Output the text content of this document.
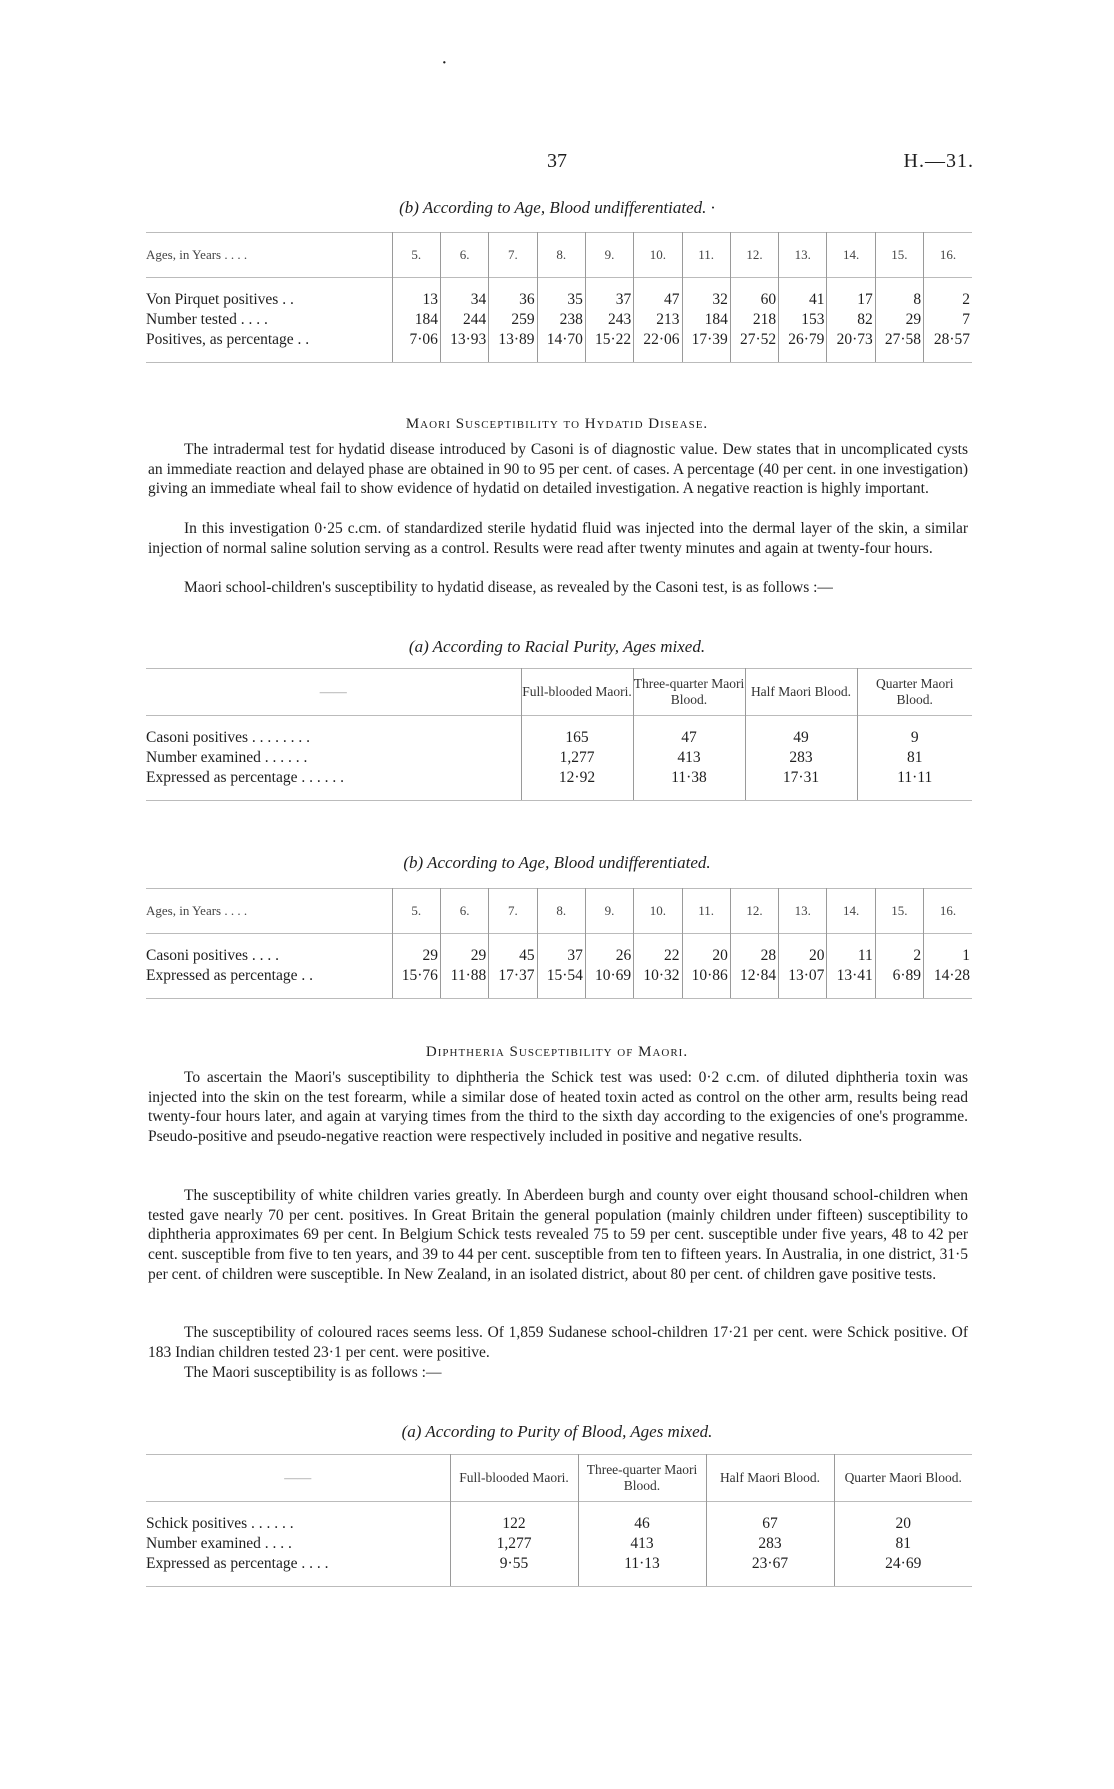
·
37	H.—31.
(b) According to Age, Blood undifferentiated. ·
Ages, in Years . . . .	5.	6.	7.	8.	9.	10.	11.	12.	13.	14.	15.	16.

Von Pirquet positives . .	13	34	36	35	37	47	32	60	41	17	8	2
Number tested . . . .	184	244	259	238	243	213	184	218	153	82	29	7
Positives, as percentage . .	7·06	13·93	13·89	14·70	15·22	22·06	17·39	27·52	26·79	20·73	27·58	28·57

Maori Susceptibility to Hydatid Disease.

The intradermal test for hydatid disease introduced by Casoni is of diagnostic value. Dew states that in uncomplicated cysts an immediate reaction and delayed phase are obtained in 90 to 95 per cent. of cases. A percentage (40 per cent. in one investigation) giving an immediate wheal fail to show evidence of hydatid on detailed investigation. A negative reaction is highly important.

In this investigation 0·25 c.cm. of standardized sterile hydatid fluid was injected into the dermal layer of the skin, a similar injection of normal saline solution serving as a control. Results were read after twenty minutes and again at twenty-four hours.

Maori school-children's susceptibility to hydatid disease, as revealed by the Casoni test, is as follows :—

(a) According to Racial Purity, Ages mixed.
——	Full-blooded Maori.	Three-quarter Maori Blood.	Half Maori Blood.	Quarter Maori Blood.

Casoni positives . . . . . . . .	165	47	49	9
Number examined . . . . . .	1,277	413	283	81
Expressed as percentage . . . . . .	12·92	11·38	17·31	11·11

(b) According to Age, Blood undifferentiated.
Ages, in Years . . . .	5.	6.	7.	8.	9.	10.	11.	12.	13.	14.	15.	16.

Casoni positives . . . .	29	29	45	37	26	22	20	28	20	11	2	1
Expressed as percentage . .	15·76	11·88	17·37	15·54	10·69	10·32	10·86	12·84	13·07	13·41	6·89	14·28

Diphtheria Susceptibility of Maori.

To ascertain the Maori's susceptibility to diphtheria the Schick test was used: 0·2 c.cm. of diluted diphtheria toxin was injected into the skin on the test forearm, while a similar dose of heated toxin acted as control on the other arm, results being read twenty-four hours later, and again at varying times from the third to the sixth day according to the exigencies of one's programme. Pseudo-positive and pseudo-negative reaction were respectively included in positive and negative results.

The susceptibility of white children varies greatly. In Aberdeen burgh and county over eight thousand school-children when tested gave nearly 70 per cent. positives. In Great Britain the general population (mainly children under fifteen) susceptibility to diphtheria approximates 69 per cent. In Belgium Schick tests revealed 75 to 59 per cent. susceptible under five years, 48 to 42 per cent. susceptible from five to ten years, and 39 to 44 per cent. susceptible from ten to fifteen years. In Australia, in one district, 31·5 per cent. of children were susceptible. In New Zealand, in an isolated district, about 80 per cent. of children gave positive tests.

The susceptibility of coloured races seems less. Of 1,859 Sudanese school-children 17·21 per cent. were Schick positive. Of 183 Indian children tested 23·1 per cent. were positive.

The Maori susceptibility is as follows :—

(a) According to Purity of Blood, Ages mixed.
——	Full-blooded Maori.	Three-quarter Maori Blood.	Half Maori Blood.	Quarter Maori Blood.

Schick positives . . . . . .	122	46	67	20
Number examined . . . .	1,277	413	283	81
Expressed as percentage . . . .	9·55	11·13	23·67	24·69
